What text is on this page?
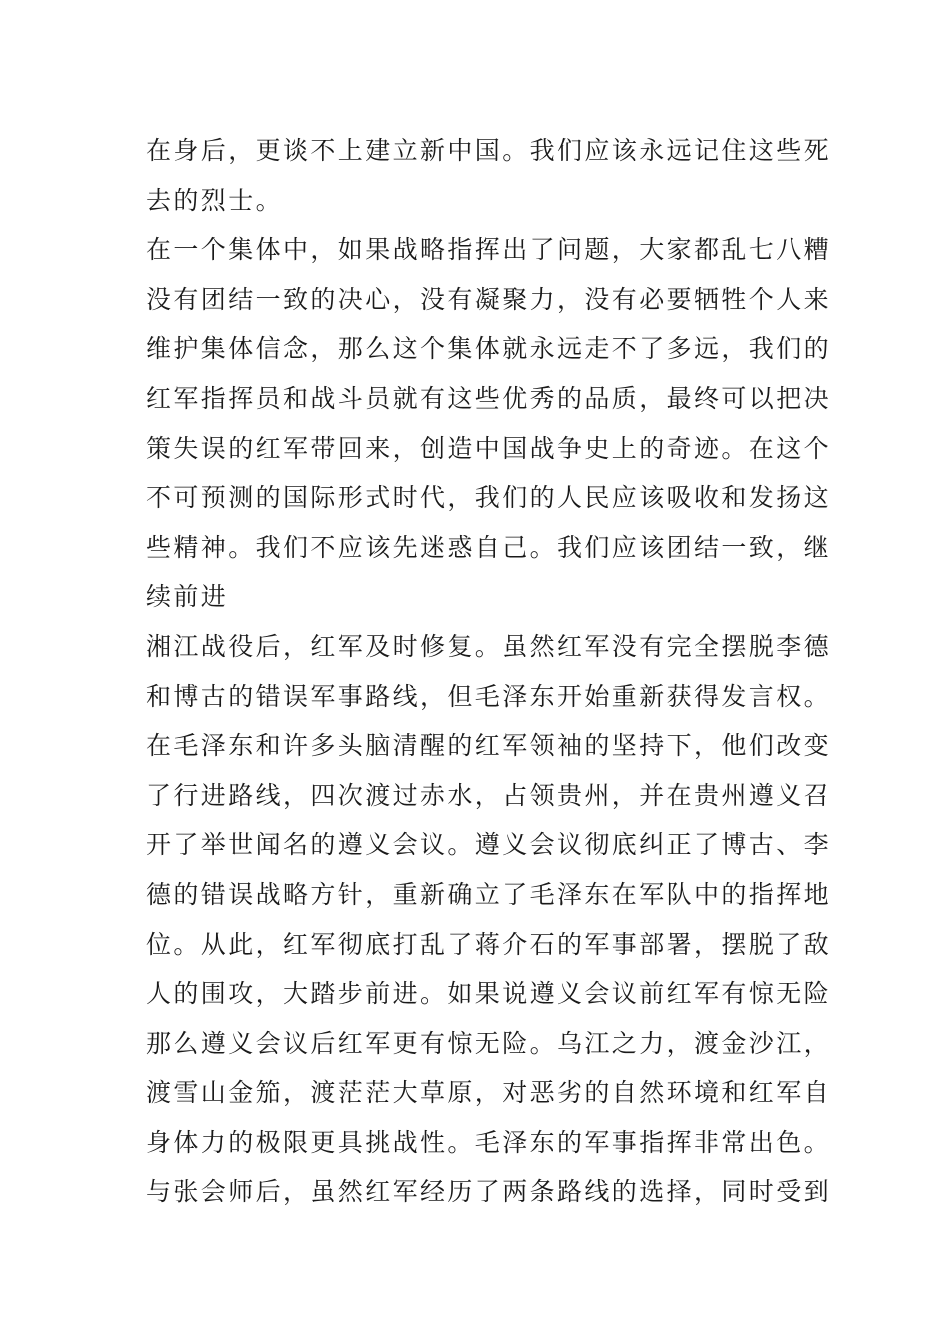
在身后，更谈不上建立新中国。我们应该永远记住这些死
去的烈士。
在一个集体中，如果战略指挥出了问题，大家都乱七八糟
没有团结一致的决心，没有凝聚力，没有必要牺牲个人来
维护集体信念，那么这个集体就永远走不了多远，我们的
红军指挥员和战斗员就有这些优秀的品质，最终可以把决
策失误的红军带回来，创造中国战争史上的奇迹。在这个
不可预测的国际形式时代，我们的人民应该吸收和发扬这
些精神。我们不应该先迷惑自己。我们应该团结一致，继
续前进
湘江战役后，红军及时修复。虽然红军没有完全摆脱李德
和博古的错误军事路线，但毛泽东开始重新获得发言权。
在毛泽东和许多头脑清醒的红军领袖的坚持下，他们改变
了行进路线，四次渡过赤水，占领贵州，并在贵州遵义召
开了举世闻名的遵义会议。遵义会议彻底纠正了博古、李
德的错误战略方针，重新确立了毛泽东在军队中的指挥地
位。从此，红军彻底打乱了蒋介石的军事部署，摆脱了敌
人的围攻，大踏步前进。如果说遵义会议前红军有惊无险
那么遵义会议后红军更有惊无险。乌江之力，渡金沙江，
渡雪山金笳，渡茫茫大草原，对恶劣的自然环境和红军自
身体力的极限更具挑战性。毛泽东的军事指挥非常出色。
与张会师后，虽然红军经历了两条路线的选择，同时受到
